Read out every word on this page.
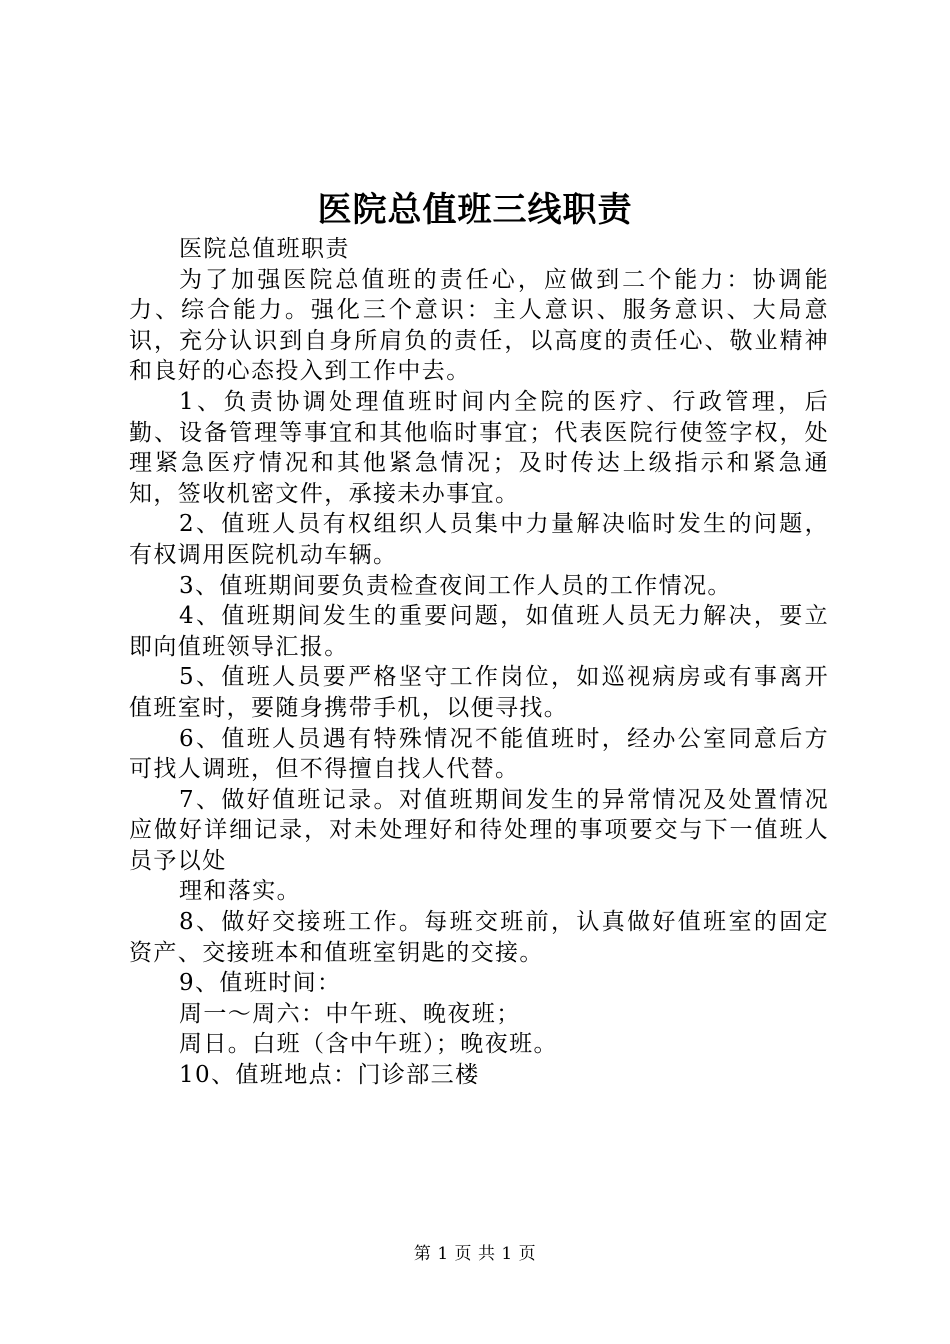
医院总值班三线职责

医院总值班职责

为了加强医院总值班的责任心，应做到二个能力：协调能力、综合能力。强化三个意识：主人意识、服务意识、大局意识，充分认识到自身所肩负的责任，以高度的责任心、敬业精神和良好的心态投入到工作中去。

1、负责协调处理值班时间内全院的医疗、行政管理，后勤、设备管理等事宜和其他临时事宜；代表医院行使签字权，处理紧急医疗情况和其他紧急情况；及时传达上级指示和紧急通知，签收机密文件，承接未办事宜。

2、值班人员有权组织人员集中力量解决临时发生的问题，有权调用医院机动车辆。

3、值班期间要负责检查夜间工作人员的工作情况。

4、值班期间发生的重要问题，如值班人员无力解决，要立即向值班领导汇报。

5、值班人员要严格坚守工作岗位，如巡视病房或有事离开值班室时，要随身携带手机，以便寻找。

6、值班人员遇有特殊情况不能值班时，经办公室同意后方可找人调班，但不得擅自找人代替。

7、做好值班记录。对值班期间发生的异常情况及处置情况应做好详细记录，对未处理好和待处理的事项要交与下一值班人员予以处

理和落实。

8、做好交接班工作。每班交班前，认真做好值班室的固定资产、交接班本和值班室钥匙的交接。

9、值班时间：

周一～周六：中午班、晚夜班；

周日。白班（含中午班）；晚夜班。

10、值班地点：门诊部三楼

第 1 页 共 1 页
